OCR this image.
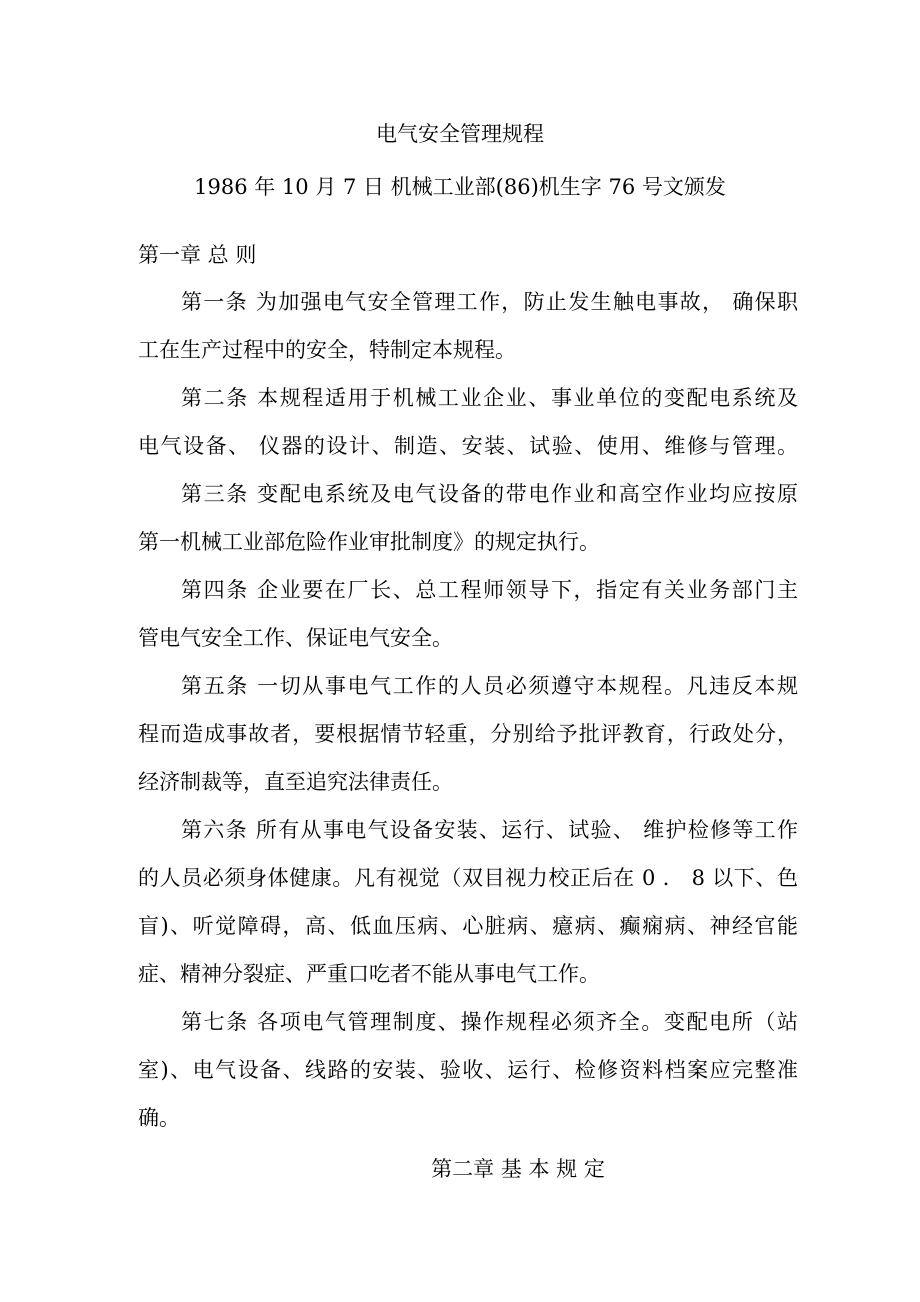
电气安全管理规程
1986 年 10 月 7 日 机械工业部(86)机生字 76 号文颁发
第一章 总 则
第一条 为加强电气安全管理工作，防止发生触电事故， 确保职
工在生产过程中的安全，特制定本规程。
第二条 本规程适用于机械工业企业、事业单位的变配电系统及
电气设备、 仪器的设计、制造、安装、试验、使用、维修与管理。
第三条 变配电系统及电气设备的带电作业和高空作业均应按原
第一机械工业部危险作业审批制度》的规定执行。
第四条 企业要在厂长、总工程师领导下，指定有关业务部门主
管电气安全工作、保证电气安全。
第五条 一切从事电气工作的人员必须遵守本规程。凡违反本规
程而造成事故者，要根据情节轻重，分别给予批评教育，行政处分，
经济制裁等，直至追究法律责任。
第六条 所有从事电气设备安装、运行、试验、 维护检修等工作
的人员必须身体健康。凡有视觉（双目视力校正后在 0 ． 8 以下、色
盲)、听觉障碍，高、低血压病、心脏病、癔病、癫痫病、神经官能
症、精神分裂症、严重口吃者不能从事电气工作。
第七条 各项电气管理制度、操作规程必须齐全。变配电所（站
室)、电气设备、线路的安装、验收、运行、检修资料档案应完整准
确。
第二章 基 本 规 定
